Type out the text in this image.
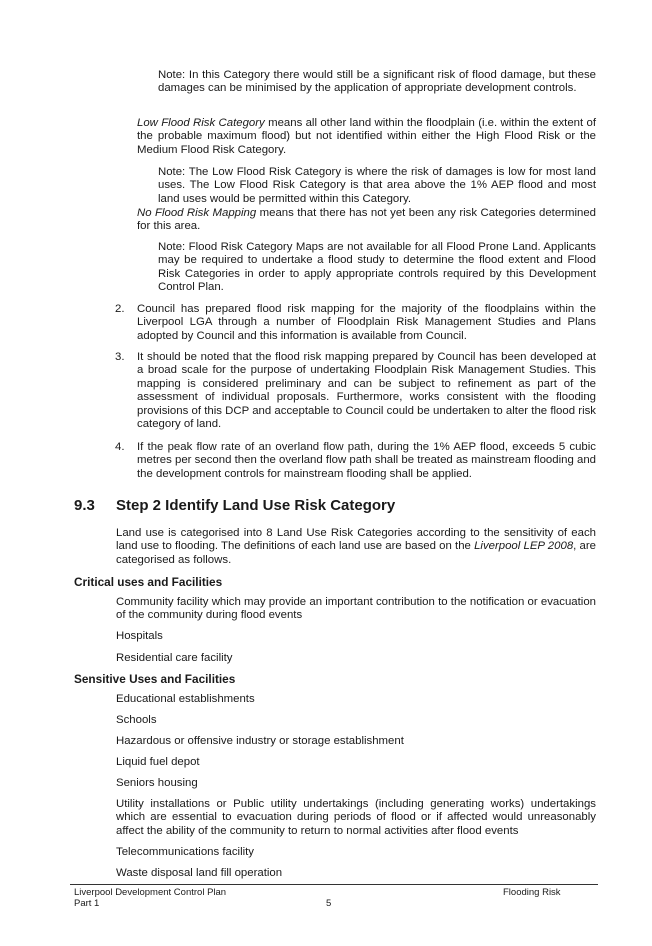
Note: In this Category there would still be a significant risk of flood damage, but these damages can be minimised by the application of appropriate development controls.

Low Flood Risk Category means all other land within the floodplain (i.e. within the extent of the probable maximum flood) but not identified within either the High Flood Risk or the Medium Flood Risk Category.

Note: The Low Flood Risk Category is where the risk of damages is low for most land uses. The Low Flood Risk Category is that area above the 1% AEP flood and most land uses would be permitted within this Category.

No Flood Risk Mapping means that there has not yet been any risk Categories determined for this area.

Note: Flood Risk Category Maps are not available for all Flood Prone Land. Applicants may be required to undertake a flood study to determine the flood extent and Flood Risk Categories in order to apply appropriate controls required by this Development Control Plan.

2. Council has prepared flood risk mapping for the majority of the floodplains within the Liverpool LGA through a number of Floodplain Risk Management Studies and Plans adopted by Council and this information is available from Council.

3. It should be noted that the flood risk mapping prepared by Council has been developed at a broad scale for the purpose of undertaking Floodplain Risk Management Studies. This mapping is considered preliminary and can be subject to refinement as part of the assessment of individual proposals. Furthermore, works consistent with the flooding provisions of this DCP and acceptable to Council could be undertaken to alter the flood risk category of land.

4. If the peak flow rate of an overland flow path, during the 1% AEP flood, exceeds 5 cubic metres per second then the overland flow path shall be treated as mainstream flooding and the development controls for mainstream flooding shall be applied.

9.3 Step 2 Identify Land Use Risk Category

Land use is categorised into 8 Land Use Risk Categories according to the sensitivity of each land use to flooding. The definitions of each land use are based on the Liverpool LEP 2008, are categorised as follows.

Critical uses and Facilities

Community facility which may provide an important contribution to the notification or evacuation of the community during flood events

Hospitals

Residential care facility

Sensitive Uses and Facilities

Educational establishments

Schools

Hazardous or offensive industry or storage establishment

Liquid fuel depot

Seniors housing

Utility installations or Public utility undertakings (including generating works) undertakings which are essential to evacuation during periods of flood or if affected would unreasonably affect the ability of the community to return to normal activities after flood events

Telecommunications facility

Waste disposal land fill operation

Liverpool Development Control Plan

Part 1	5

Flooding Risk
